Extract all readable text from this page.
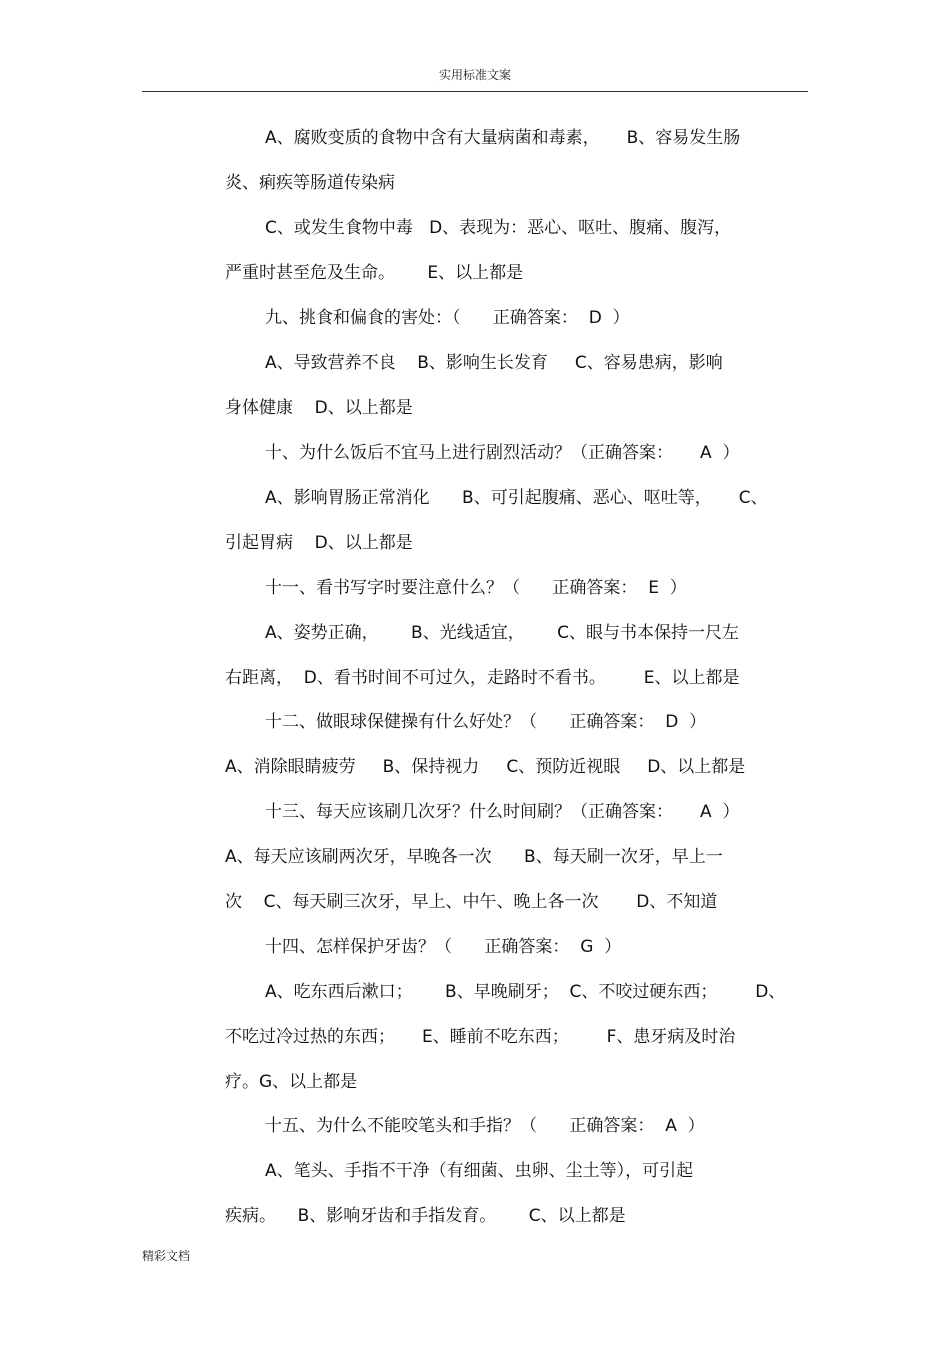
实用标准文案
A、腐败变质的食物中含有大量病菌和毒素，     B、容易发生肠
炎、痢疾等肠道传染病
C、或发生食物中毒   D、表现为：恶心、呕吐、腹痛、腹泻，
严重时甚至危及生命。      E、以上都是
九、挑食和偏食的害处：（      正确答案：  D  ）
A、导致营养不良    B、影响生长发育     C、容易患病，影响
身体健康    D、以上都是
十、为什么饭后不宜马上进行剧烈活动？（正确答案：     A  ）
A、影响胃肠正常消化      B、可引起腹痛、恶心、呕吐等，     C、
引起胃病    D、以上都是
十一、看书写字时要注意什么？（      正确答案：  E  ）
A、姿势正确，      B、光线适宜，      C、眼与书本保持一尺左
右距离，  D、看书时间不可过久，走路时不看书。       E、以上都是
十二、做眼球保健操有什么好处？（      正确答案：  D  ）
A、消除眼睛疲劳     B、保持视力     C、预防近视眼     D、以上都是
十三、每天应该刷几次牙？什么时间刷？（正确答案：     A  ）
A、每天应该刷两次牙，早晚各一次      B、每天刷一次牙，早上一
次    C、每天刷三次牙，早上、中午、晚上各一次       D、不知道
十四、怎样保护牙齿？（      正确答案：  G  ）
A、吃东西后漱口；      B、早晚刷牙；  C、不咬过硬东西；       D、
不吃过冷过热的东西；     E、睡前不吃东西；       F、患牙病及时治
疗。G、以上都是
十五、为什么不能咬笔头和手指？（      正确答案：  A  ）
A、笔头、手指不干净（有细菌、虫卵、尘土等），可引起
疾病。    B、影响牙齿和手指发育。      C、以上都是
精彩文档
